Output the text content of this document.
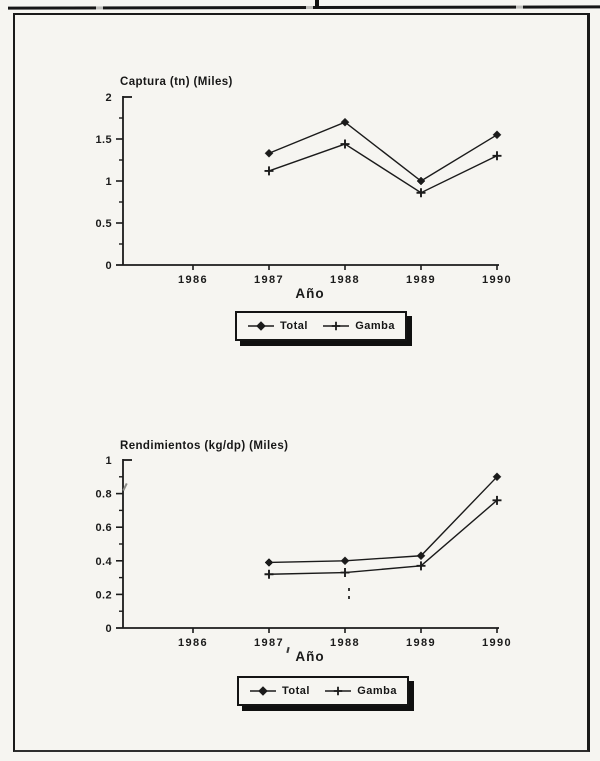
0
0.5
1
1.5
2
1986	1987	1988	1989	1990
0
0.2
0.4
0.6
0.8
1
1986	1987	1988	1989	1990
Captura (tn) (Miles)
Rendimientos (kg/dp) (Miles)
Año
Año
Total	Gamba
Total	Gamba
